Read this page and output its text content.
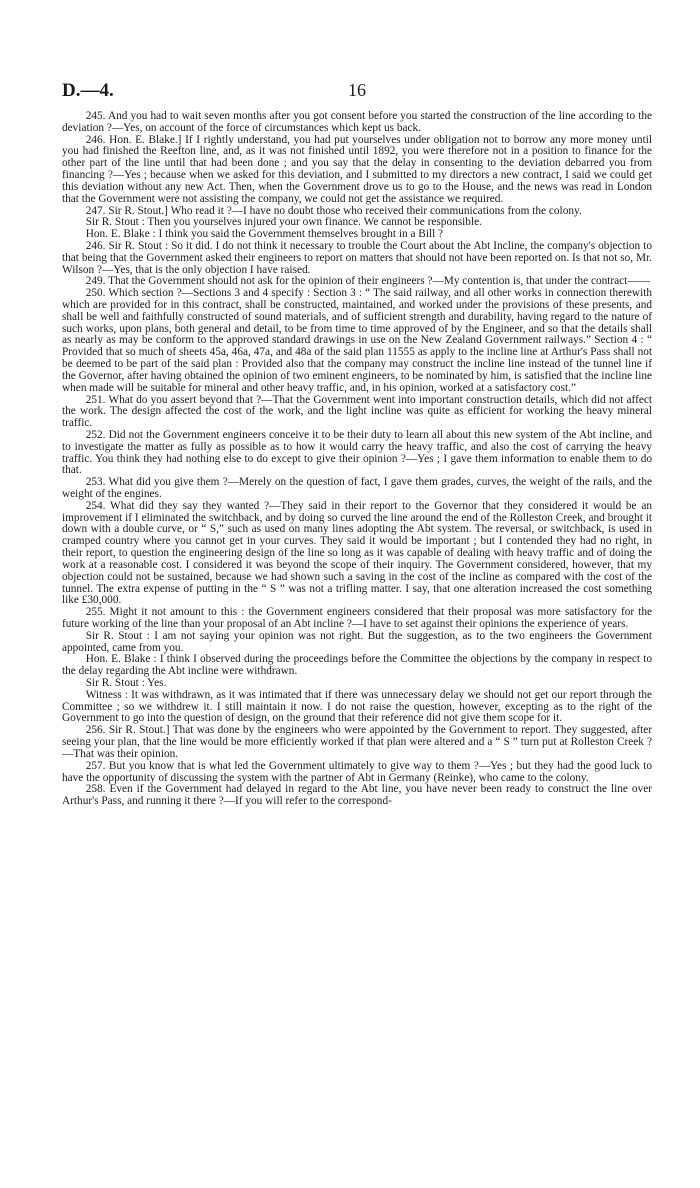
D.—4.	16

245. And you had to wait seven months after you got consent before you started the construction of the line according to the deviation ?—Yes, on account of the force of circumstances which kept us back.

246. Hon. E. Blake.] If I rightly understand, you had put yourselves under obligation not to borrow any more money until you had finished the Reefton line, and, as it was not finished until 1892, you were therefore not in a position to finance for the other part of the line until that had been done ; and you say that the delay in consenting to the deviation debarred you from financing ?—Yes ; because when we asked for this deviation, and I submitted to my directors a new contract, I said we could get this deviation without any new Act. Then, when the Government drove us to go to the House, and the news was read in London that the Government were not assisting the company, we could not get the assistance we required.

247. Sir R. Stout.] Who read it ?—I have no doubt those who received their communications from the colony.

Sir R. Stout : Then you yourselves injured your own finance. We cannot be responsible.

Hon. E. Blake : I think you said the Government themselves brought in a Bill ?

246. Sir R. Stout : So it did. I do not think it necessary to trouble the Court about the Abt Incline, the company's objection to that being that the Government asked their engineers to report on matters that should not have been reported on. Is that not so, Mr. Wilson ?—Yes, that is the only objection I have raised.

249. That the Government should not ask for the opinion of their engineers ?—My contention is, that under the contract——

250. Which section ?—Sections 3 and 4 specify : Section 3 : “ The said railway, and all other works in connection therewith which are provided for in this contract, shall be constructed, maintained, and worked under the provisions of these presents, and shall be well and faithfully constructed of sound materials, and of sufficient strength and durability, having regard to the nature of such works, upon plans, both general and detail, to be from time to time approved of by the Engineer, and so that the details shall as nearly as may be conform to the approved standard drawings in use on the New Zealand Government railways.” Section 4 : “ Provided that so much of sheets 45a, 46a, 47a, and 48a of the said plan 11555 as apply to the incline line at Arthur's Pass shall not be deemed to be part of the said plan : Provided also that the company may construct the incline line instead of the tunnel line if the Governor, after having obtained the opinion of two eminent engineers, to be nominated by him, is satisfied that the incline line when made will be suitable for mineral and other heavy traffic, and, in his opinion, worked at a satisfactory cost.”

251. What do you assert beyond that ?—That the Government went into important construction details, which did not affect the work. The design affected the cost of the work, and the light incline was quite as efficient for working the heavy mineral traffic.

252. Did not the Government engineers conceive it to be their duty to learn all about this new system of the Abt incline, and to investigate the matter as fully as possible as to how it would carry the heavy traffic, and also the cost of carrying the heavy traffic. You think they had nothing else to do except to give their opinion ?—Yes ; I gave them information to enable them to do that.

253. What did you give them ?—Merely on the question of fact, I gave them grades, curves, the weight of the rails, and the weight of the engines.

254. What did they say they wanted ?—They said in their report to the Governor that they considered it would be an improvement if I eliminated the switchback, and by doing so curved the line around the end of the Rolleston Creek, and brought it down with a double curve, or “ S,” such as used on many lines adopting the Abt system. The reversal, or switchback, is used in cramped country where you cannot get in your curves. They said it would be important ; but I contended they had no right, in their report, to question the engineering design of the line so long as it was capable of dealing with heavy traffic and of doing the work at a reasonable cost. I considered it was beyond the scope of their inquiry. The Government considered, however, that my objection could not be sustained, because we had shown such a saving in the cost of the incline as compared with the cost of the tunnel. The extra expense of putting in the “ S ” was not a trifling matter. I say, that one alteration increased the cost something like £30,000.

255. Might it not amount to this : the Government engineers considered that their proposal was more satisfactory for the future working of the line than your proposal of an Abt incline ?—I have to set against their opinions the experience of years.

Sir R. Stout : I am not saying your opinion was not right. But the suggestion, as to the two engineers the Government appointed, came from you.

Hon. E. Blake : I think I observed during the proceedings before the Committee the objections by the company in respect to the delay regarding the Abt incline were withdrawn.

Sir R. Stout : Yes.

Witness : It was withdrawn, as it was intimated that if there was unnecessary delay we should not get our report through the Committee ; so we withdrew it. I still maintain it now. I do not raise the question, however, excepting as to the right of the Government to go into the question of design, on the ground that their reference did not give them scope for it.

256. Sir R. Stout.] That was done by the engineers who were appointed by the Government to report. They suggested, after seeing your plan, that the line would be more efficiently worked if that plan were altered and a “ S ” turn put at Rolleston Creek ?—That was their opinion.

257. But you know that is what led the Government ultimately to give way to them ?—Yes ; but they had the good luck to have the opportunity of discussing the system with the partner of Abt in Germany (Reinke), who came to the colony.

258. Even if the Government had delayed in regard to the Abt line, you have never been ready to construct the line over Arthur's Pass, and running it there ?—If you will refer to the correspond-
